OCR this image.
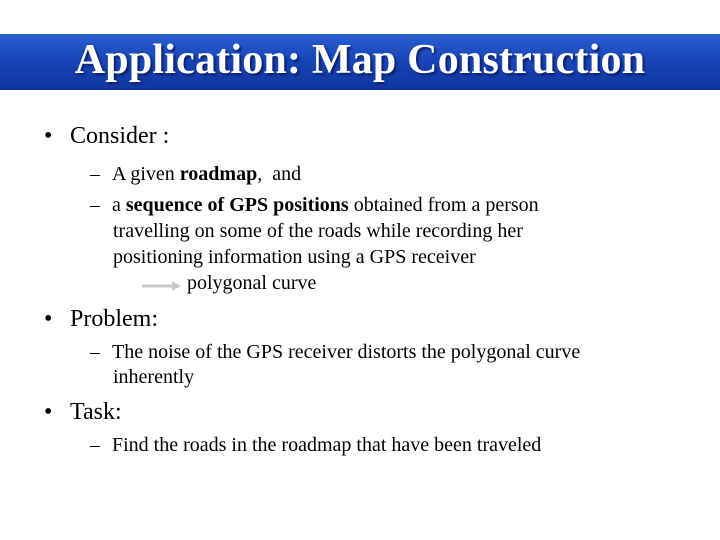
Application: Map Construction
• Consider :
– A given roadmap,  and
– a sequence of GPS positions obtained from a person
travelling on some of the roads while recording her
positioning information using a GPS receiver
polygonal curve
• Problem:
– The noise of the GPS receiver distorts the polygonal curve
inherently
• Task:
– Find the roads in the roadmap that have been traveled
